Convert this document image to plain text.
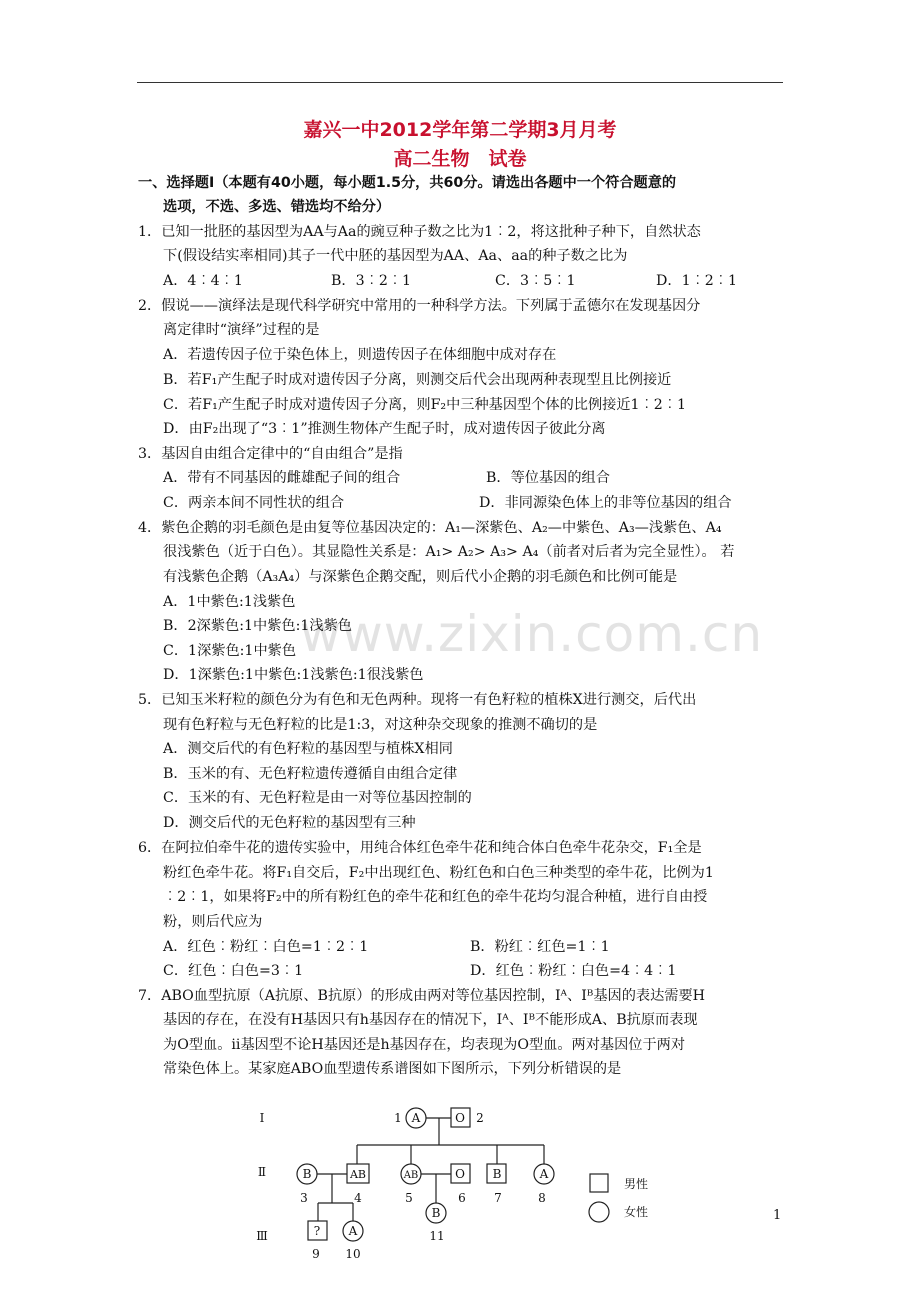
嘉兴一中2012学年第二学期3月月考
高二生物　试卷
www.zixin.com.cn
一、选择题Ⅰ（本题有40小题，每小题1.5分，共60分。请选出各题中一个符合题意的
选项，不选、多选、错选均不给分）
1．已知一批胚的基因型为AA与Aa的豌豆种子数之比为1︰2，将这批种子种下，自然状态
下(假设结实率相同)其子一代中胚的基因型为AA、Aa、aa的种子数之比为
A．4︰4︰1	B．3︰2︰1	C．3︰5︰1	D．1︰2︰1
2．假说——演绎法是现代科学研究中常用的一种科学方法。下列属于孟德尔在发现基因分
离定律时“演绎”过程的是
A．若遗传因子位于染色体上，则遗传因子在体细胞中成对存在
B．若F₁产生配子时成对遗传因子分离，则测交后代会出现两种表现型且比例接近
C．若F₁产生配子时成对遗传因子分离，则F₂中三种基因型个体的比例接近1︰2︰1
D．由F₂出现了“3︰1”推测生物体产生配子时，成对遗传因子彼此分离
3．基因自由组合定律中的“自由组合”是指
A．带有不同基因的雌雄配子间的组合	B．等位基因的组合
C．两亲本间不同性状的组合	D．非同源染色体上的非等位基因的组合
4．紫色企鹅的羽毛颜色是由复等位基因决定的：A₁—深紫色、A₂—中紫色、A₃—浅紫色、A₄
很浅紫色（近于白色）。其显隐性关系是：A₁> A₂> A₃> A₄（前者对后者为完全显性）。 若
有浅紫色企鹅（A₃A₄）与深紫色企鹅交配，则后代小企鹅的羽毛颜色和比例可能是
A．1中紫色:1浅紫色
B．2深紫色:1中紫色:1浅紫色
C．1深紫色:1中紫色
D．1深紫色:1中紫色:1浅紫色:1很浅紫色
5．已知玉米籽粒的颜色分为有色和无色两种。现将一有色籽粒的植株X进行测交，后代出
现有色籽粒与无色籽粒的比是1:3，对这种杂交现象的推测不确切的是
A．测交后代的有色籽粒的基因型与植株X相同
B．玉米的有、无色籽粒遗传遵循自由组合定律
C．玉米的有、无色籽粒是由一对等位基因控制的
D．测交后代的无色籽粒的基因型有三种
6．在阿拉伯牵牛花的遗传实验中，用纯合体红色牵牛花和纯合体白色牵牛花杂交，F₁全是
粉红色牵牛花。将F₁自交后，F₂中出现红色、粉红色和白色三种类型的牵牛花，比例为1
︰2︰1，如果将F₂中的所有粉红色的牵牛花和红色的牵牛花均匀混合种植，进行自由授
粉，则后代应为
A．红色︰粉红︰白色=1︰2︰1	B．粉红︰红色=1︰1
C．红色︰白色=3︰1	D．红色︰粉红︰白色=4︰4︰1
7．ABO血型抗原（A抗原、B抗原）的形成由两对等位基因控制，Iᴬ、Iᴮ基因的表达需要H
基因的存在，在没有H基因只有h基因存在的情况下，Iᴬ、Iᴮ不能形成A、B抗原而表现
为O型血。ii基因型不论H基因还是h基因存在，均表现为O型血。两对基因位于两对
常染色体上。某家庭ABO血型遗传系谱图如下图所示，下列分析错误的是
Ⅰ
Ⅱ
Ⅲ
A	O
1	2
B	AB	AB	O B	A
3	4	5	6 7	8
B
11
? A
9 10
男性
女性	1
